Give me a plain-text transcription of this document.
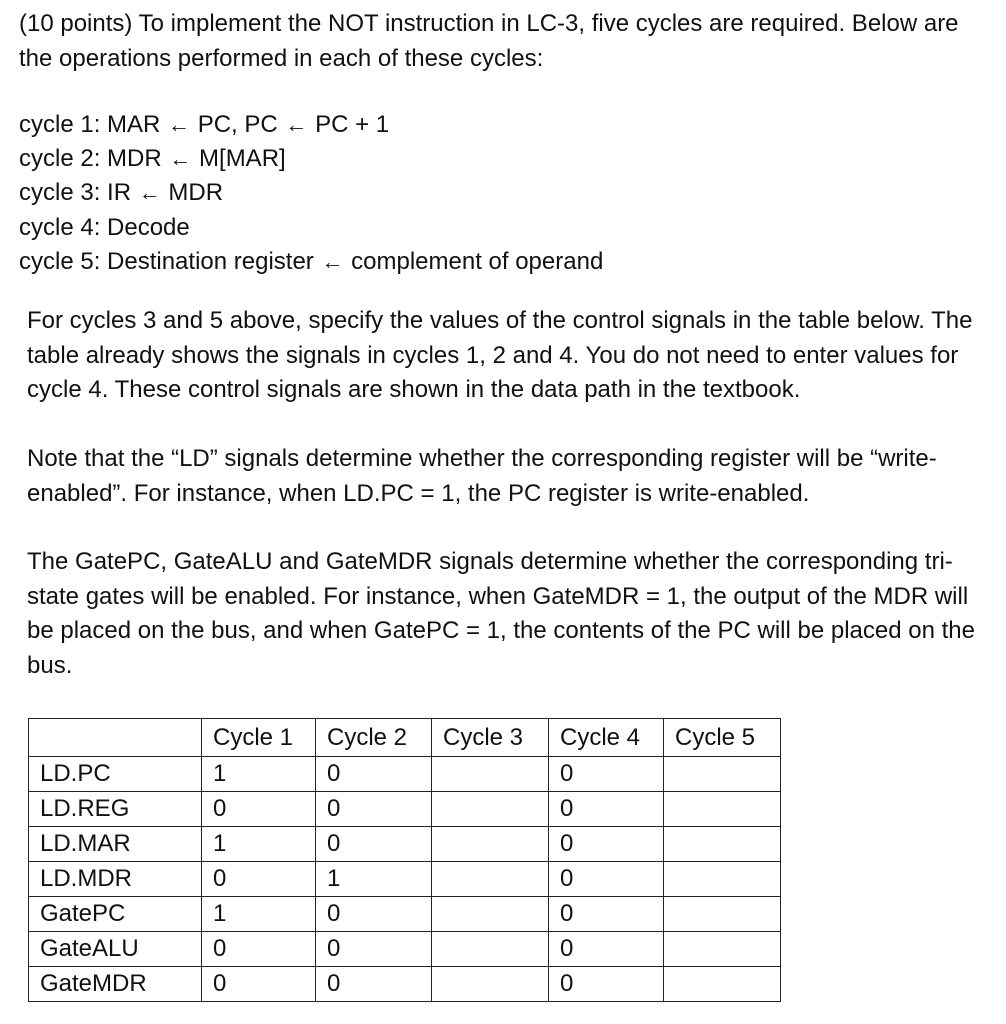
(10 points) To implement the NOT instruction in LC-3, five cycles are required. Below are the operations performed in each of these cycles:

cycle 1: MAR ← PC, PC ← PC + 1
cycle 2: MDR ← M[MAR]
cycle 3: IR ← MDR
cycle 4: Decode
cycle 5: Destination register ← complement of operand

For cycles 3 and 5 above, specify the values of the control signals in the table below. The table already shows the signals in cycles 1, 2 and 4. You do not need to enter values for cycle 4. These control signals are shown in the data path in the textbook.

Note that the “LD” signals determine whether the corresponding register will be “write-enabled”. For instance, when LD.PC = 1, the PC register is write-enabled.

The GatePC, GateALU and GateMDR signals determine whether the corresponding tri-state gates will be enabled. For instance, when GateMDR = 1, the output of the MDR will be placed on the bus, and when GatePC = 1, the contents of the PC will be placed on the bus.

	Cycle 1	Cycle 2	Cycle 3	Cycle 4	Cycle 5
LD.PC	1	0		0	
LD.REG	0	0		0	
LD.MAR	1	0		0	
LD.MDR	0	1		0	
GatePC	1	0		0	
GateALU	0	0		0	
GateMDR	0	0		0	
